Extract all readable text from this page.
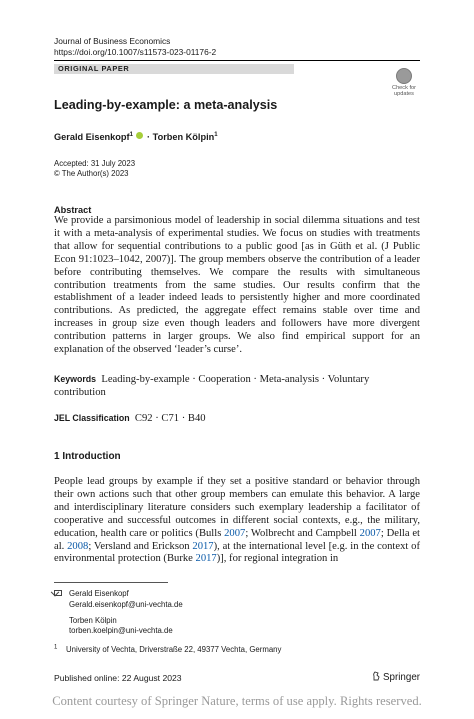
Journal of Business Economics
https://doi.org/10.1007/s11573-023-01176-2
ORIGINAL PAPER
Check for
updates
Leading-by-example: a meta-analysis
Gerald Eisenkopf$^1$  · Torben Kölpin$^1$
Accepted: 31 July 2023
© The Author(s) 2023
Abstract
We provide a parsimonious model of leadership in social dilemma situations and test it with a meta-analysis of experimental studies. We focus on studies with treatments that allow for sequential contributions to a public good [as in Güth et al. (J Public Econ 91:1023–1042, 2007)]. The group members observe the contribution of a leader before contributing themselves. We compare the results with simultaneous contribution treatments from the same studies. Our results confirm that the establishment of a leader indeed leads to persistently higher and more coordinated contributions. As predicted, the aggregate effect remains stable over time and increases in group size even though leaders and followers have more divergent contribution patterns in larger groups. We also find empirical support for an explanation of the observed ‘leader’s curse’.
Keywords Leading-by-example · Cooperation · Meta-analysis · Voluntary contribution
JEL Classification C92 · C71 · B40
1 Introduction
People lead groups by example if they set a positive standard or behavior through their own actions such that other group members can emulate this behavior. A large and interdisciplinary literature considers such exemplary leadership a facilitator of cooperative and successful outcomes in different social contexts, e.g., the military, education, health care or politics (Bulls 2007; Wolbrecht and Campbell 2007; Della et al. 2008; Versland and Erickson 2017), at the international level [e.g. in the context of environmental protection (Burke 2017)], for regional integration in
Gerald Eisenkopf
Gerald.eisenkopf@uni-vechta.de
Torben Kölpin
torben.koelpin@uni-vechta.de
$^1$ University of Vechta, Driverstraße 22, 49377 Vechta, Germany
Published online: 22 August 2023	Springer
Content courtesy of Springer Nature, terms of use apply. Rights reserved.
